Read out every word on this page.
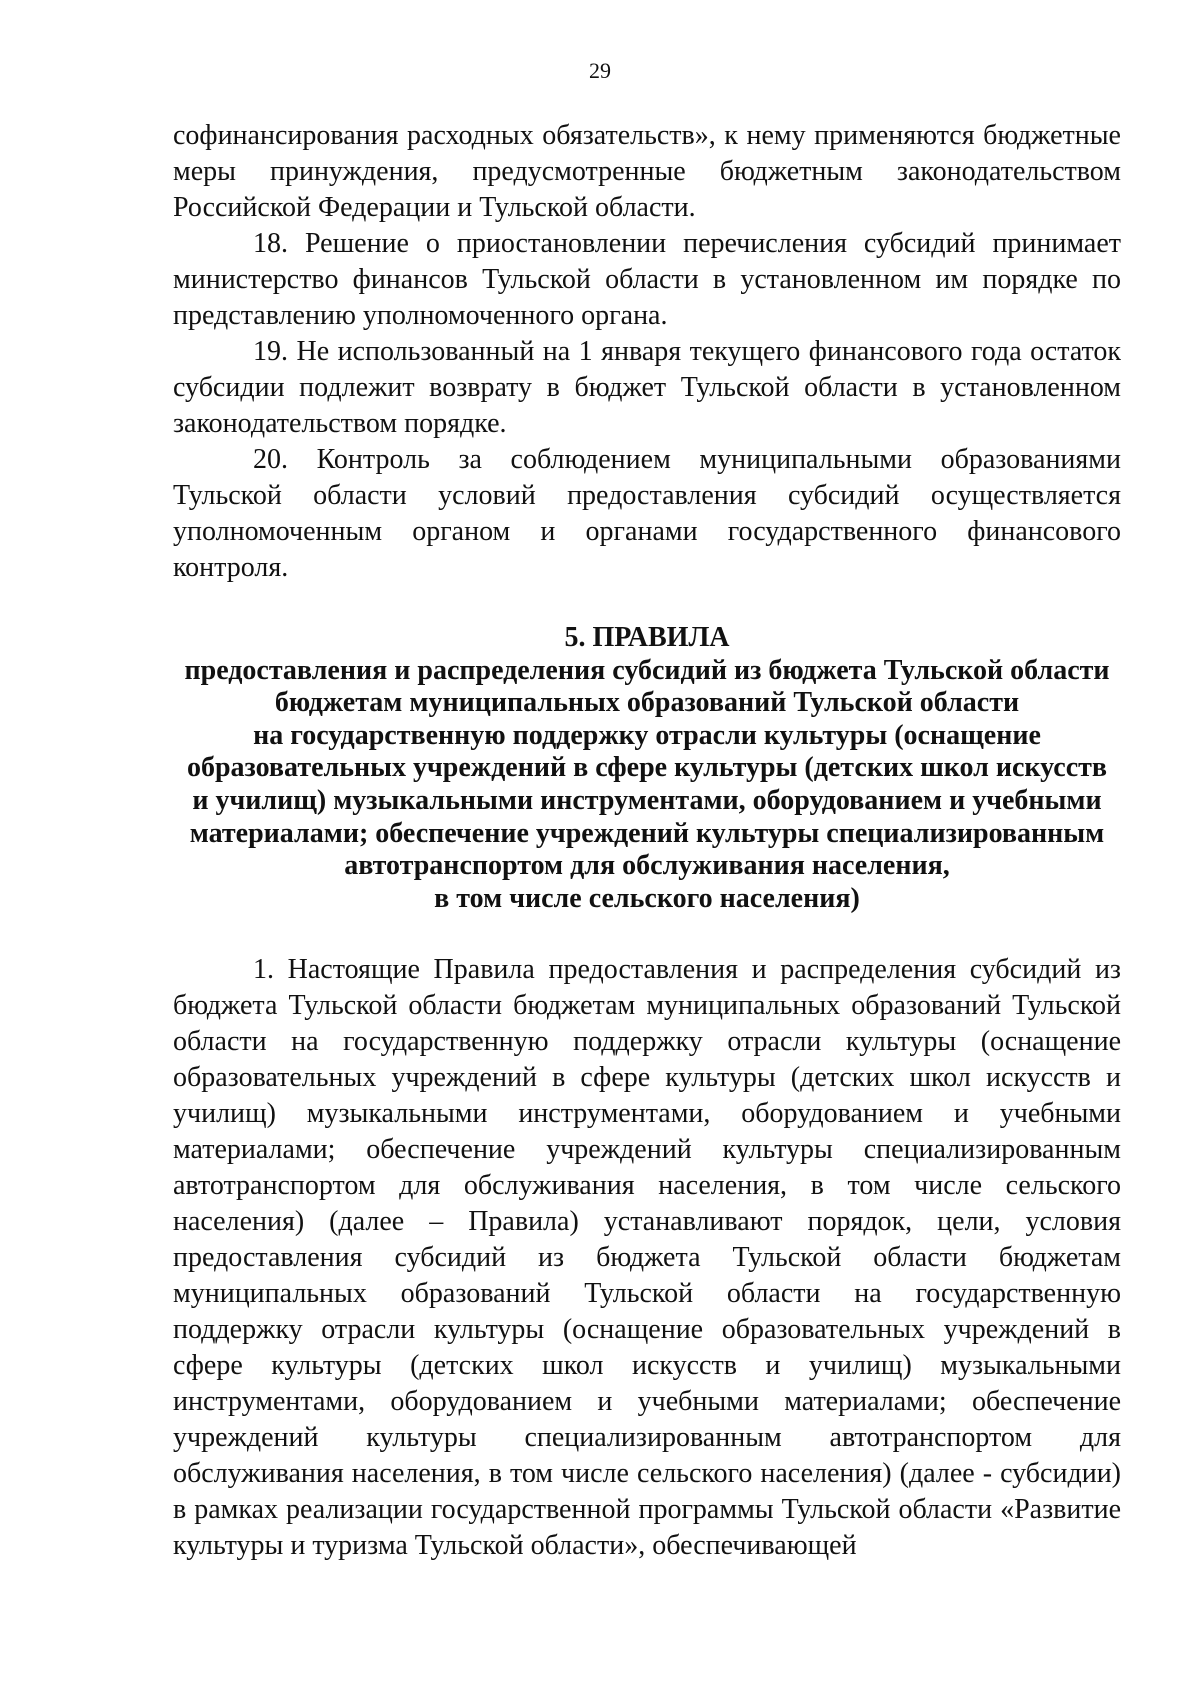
29

софинансирования расходных обязательств», к нему применяются бюджетные меры принуждения, предусмотренные бюджетным законодательством Российской Федерации и Тульской области.

18. Решение о приостановлении перечисления субсидий принимает министерство финансов Тульской области в установленном им порядке по представлению уполномоченного органа.

19. Не использованный на 1 января текущего финансового года остаток субсидии подлежит возврату в бюджет Тульской области в установленном законодательством порядке.

20. Контроль за соблюдением муниципальными образованиями Тульской области условий предоставления субсидий осуществляется уполномоченным органом и органами государственного финансового контроля.

5. ПРАВИЛА
предоставления и распределения субсидий из бюджета Тульской области
бюджетам муниципальных образований Тульской области
на государственную поддержку отрасли культуры (оснащение
образовательных учреждений в сфере культуры (детских школ искусств
и училищ) музыкальными инструментами, оборудованием и учебными
материалами; обеспечение учреждений культуры специализированным
автотранспортом для обслуживания населения,
в том числе сельского населения)

1. Настоящие Правила предоставления и распределения субсидий из бюджета Тульской области бюджетам муниципальных образований Тульской области на государственную поддержку отрасли культуры (оснащение образовательных учреждений в сфере культуры (детских школ искусств и училищ) музыкальными инструментами, оборудованием и учебными материалами; обеспечение учреждений культуры специализированным автотранспортом для обслуживания населения, в том числе сельского населения) (далее – Правила) устанавливают порядок, цели, условия предоставления субсидий из бюджета Тульской области бюджетам муниципальных образований Тульской области на государственную поддержку отрасли культуры (оснащение образовательных учреждений в сфере культуры (детских школ искусств и училищ) музыкальными инструментами, оборудованием и учебными материалами; обеспечение учреждений культуры специализированным автотранспортом для обслуживания населения, в том числе сельского населения) (далее - субсидии) в рамках реализации государственной программы Тульской области «Развитие культуры и туризма Тульской области», обеспечивающей
